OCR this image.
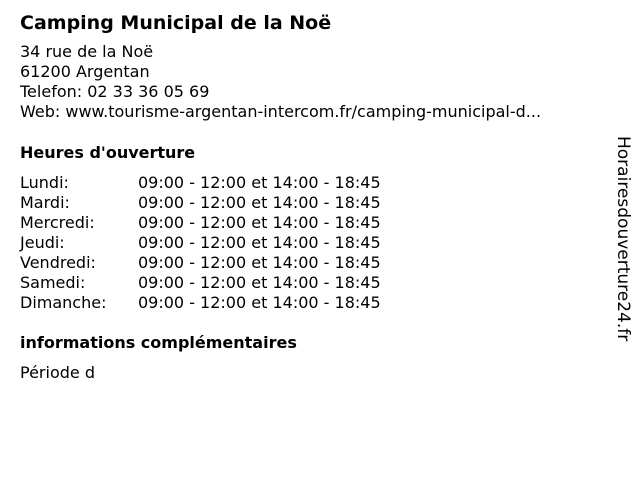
Camping Municipal de la Noë
34 rue de la Noë
61200 Argentan
Telefon: 02 33 36 05 69
Web: www.tourisme-argentan-intercom.fr/camping-municipal-d...
Heures d'ouverture
Lundi:	09:00 - 12:00 et 14:00 - 18:45
Mardi:	09:00 - 12:00 et 14:00 - 18:45
Mercredi:	09:00 - 12:00 et 14:00 - 18:45
Jeudi:	09:00 - 12:00 et 14:00 - 18:45
Vendredi:	09:00 - 12:00 et 14:00 - 18:45
Samedi:	09:00 - 12:00 et 14:00 - 18:45
Dimanche:	09:00 - 12:00 et 14:00 - 18:45
informations complémentaires
Période d
Horairesdouverture24.fr
